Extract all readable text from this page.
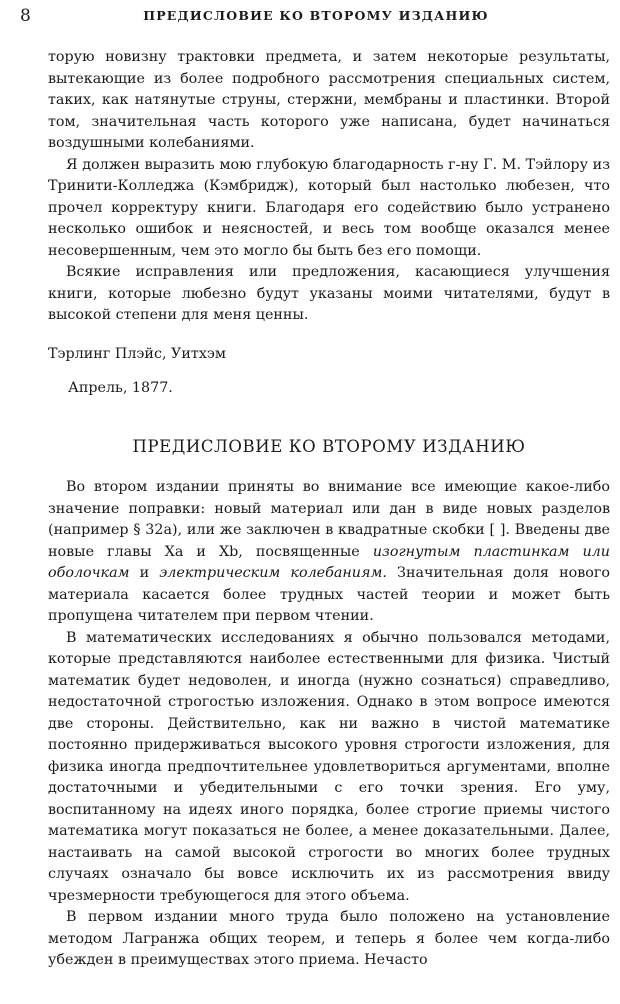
8	ПРЕДИСЛОВИЕ КО ВТОРОМУ ИЗДАНИЮ

торую новизну трактовки предмета, и затем некоторые результаты, вытекающие из более подробного рассмотрения специальных систем, таких, как натянутые струны, стержни, мембраны и пластинки. Второй том, значительная часть которого уже написана, будет начинаться воздушными колебаниями.

Я должен выразить мою глубокую благодарность г-ну Г. М. Тэйлору из Тринити-Колледжа (Кэмбридж), который был настолько любезен, что прочел корректуру книги. Благодаря его содействию было устранено несколько ошибок и неясностей, и весь том вообще оказался менее несовершенным, чем это могло бы быть без его помощи.

Всякие исправления или предложения, касающиеся улучшения книги, которые любезно будут указаны моими читателями, будут в высокой степени для меня ценны.

Тэрлинг Плэйс, Уитхэм

Апрель, 1877.

ПРЕДИСЛОВИЕ КО ВТОРОМУ ИЗДАНИЮ

Во втором издании приняты во внимание все имеющие какое-либо значение поправки: новый материал или дан в виде новых разделов (например § 32a), или же заключен в квадратные скобки [ ]. Введены две новые главы Xa и Xb, посвященные изогнутым пластинкам или оболочкам и электрическим колебаниям. Значительная доля нового материала касается более трудных частей теории и может быть пропущена читателем при первом чтении.

В математических исследованиях я обычно пользовался методами, которые представляются наиболее естественными для физика. Чистый математик будет недоволен, и иногда (нужно сознаться) справедливо, недостаточной строгостью изложения. Однако в этом вопросе имеются две стороны. Действительно, как ни важно в чистой математике постоянно придерживаться высокого уровня строгости изложения, для физика иногда предпочтительнее удовлетвориться аргументами, вполне достаточными и убедительными с его точки зрения. Его уму, воспитанному на идеях иного порядка, более строгие приемы чистого математика могут показаться не более, а менее доказательными. Далее, настаивать на самой высокой строгости во многих более трудных случаях означало бы вовсе исключить их из рассмотрения ввиду чрезмерности требующегося для этого объема.

В первом издании много труда было положено на установление методом Лагранжа общих теорем, и теперь я более чем когда-либо убежден в преимуществах этого приема. Нечасто
